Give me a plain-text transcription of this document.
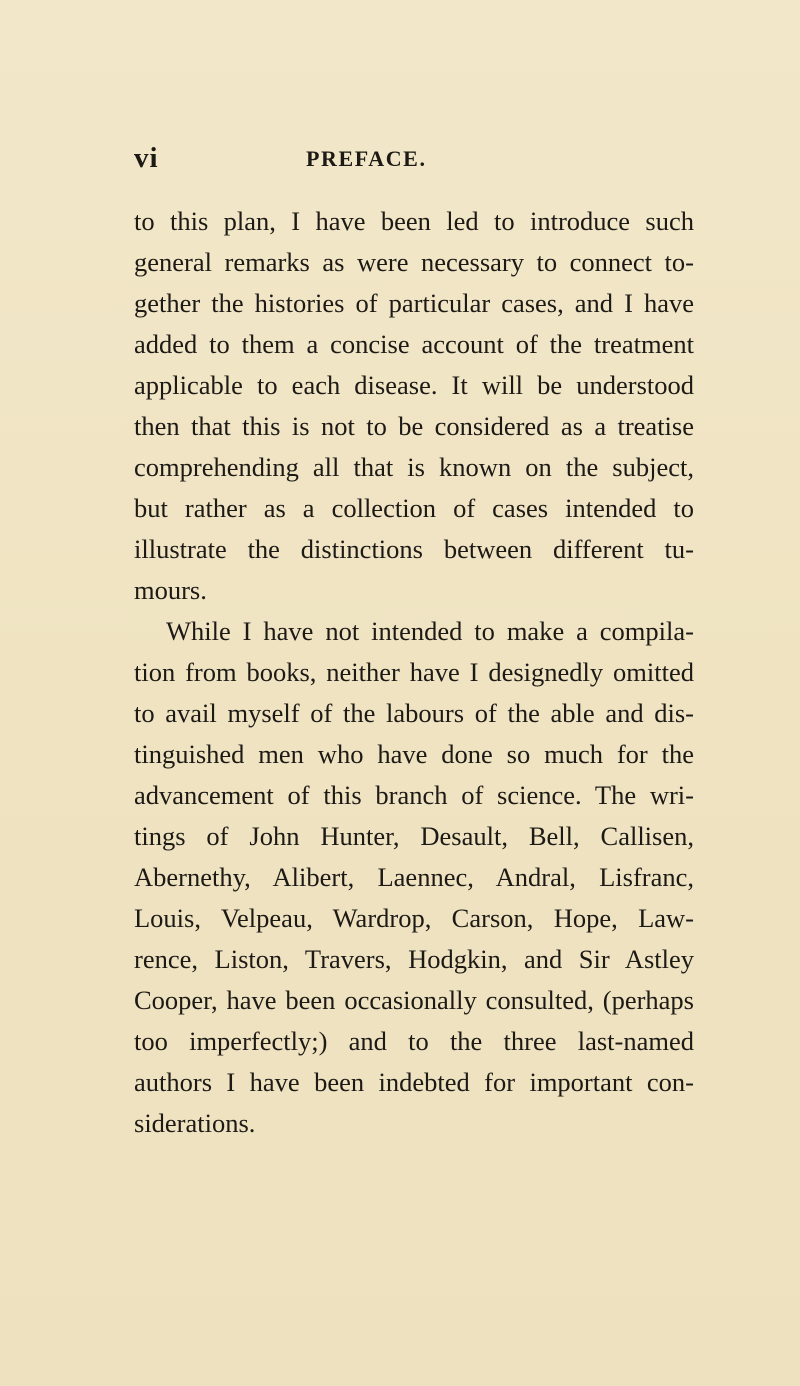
vi	PREFACE.
to this plan, I have been led to introduce such
general remarks as were necessary to connect to-
gether the histories of particular cases, and I have
added to them a concise account of the treatment
applicable to each disease. It will be understood
then that this is not to be considered as a treatise
comprehending all that is known on the subject,
but rather as a collection of cases intended to
illustrate the distinctions between different tu-
mours.
While I have not intended to make a compila-
tion from books, neither have I designedly omitted
to avail myself of the labours of the able and dis-
tinguished men who have done so much for the
advancement of this branch of science. The wri-
tings of John Hunter, Desault, Bell, Callisen,
Abernethy, Alibert, Laennec, Andral, Lisfranc,
Louis, Velpeau, Wardrop, Carson, Hope, Law-
rence, Liston, Travers, Hodgkin, and Sir Astley
Cooper, have been occasionally consulted, (perhaps
too imperfectly;) and to the three last-named
authors I have been indebted for important con-
siderations.
